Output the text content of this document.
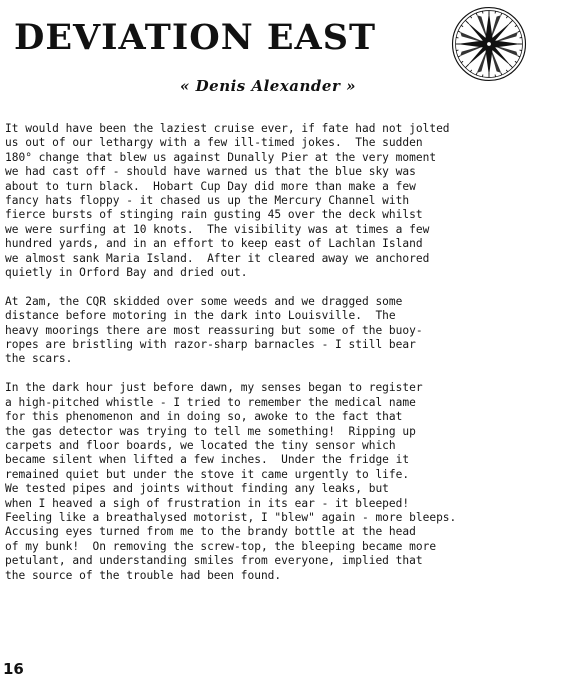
DEVIATION EAST
« Denis Alexander »

It would have been the laziest cruise ever, if fate had not jolted
us out of our lethargy with a few ill-timed jokes.  The sudden
180° change that blew us against Dunally Pier at the very moment
we had cast off - should have warned us that the blue sky was
about to turn black.  Hobart Cup Day did more than make a few
fancy hats floppy - it chased us up the Mercury Channel with
fierce bursts of stinging rain gusting 45 over the deck whilst
we were surfing at 10 knots.  The visibility was at times a few
hundred yards, and in an effort to keep east of Lachlan Island
we almost sank Maria Island.  After it cleared away we anchored
quietly in Orford Bay and dried out.

At 2am, the CQR skidded over some weeds and we dragged some
distance before motoring in the dark into Louisville.  The
heavy moorings there are most reassuring but some of the buoy-
ropes are bristling with razor-sharp barnacles - I still bear
the scars.

In the dark hour just before dawn, my senses began to register
a high-pitched whistle - I tried to remember the medical name
for this phenomenon and in doing so, awoke to the fact that
the gas detector was trying to tell me something!  Ripping up
carpets and floor boards, we located the tiny sensor which
became silent when lifted a few inches.  Under the fridge it
remained quiet but under the stove it came urgently to life.
We tested pipes and joints without finding any leaks, but
when I heaved a sigh of frustration in its ear - it bleeped!
Feeling like a breathalysed motorist, I "blew" again - more bleeps.
Accusing eyes turned from me to the brandy bottle at the head
of my bunk!  On removing the screw-top, the bleeping became more
petulant, and understanding smiles from everyone, implied that
the source of the trouble had been found.

16
